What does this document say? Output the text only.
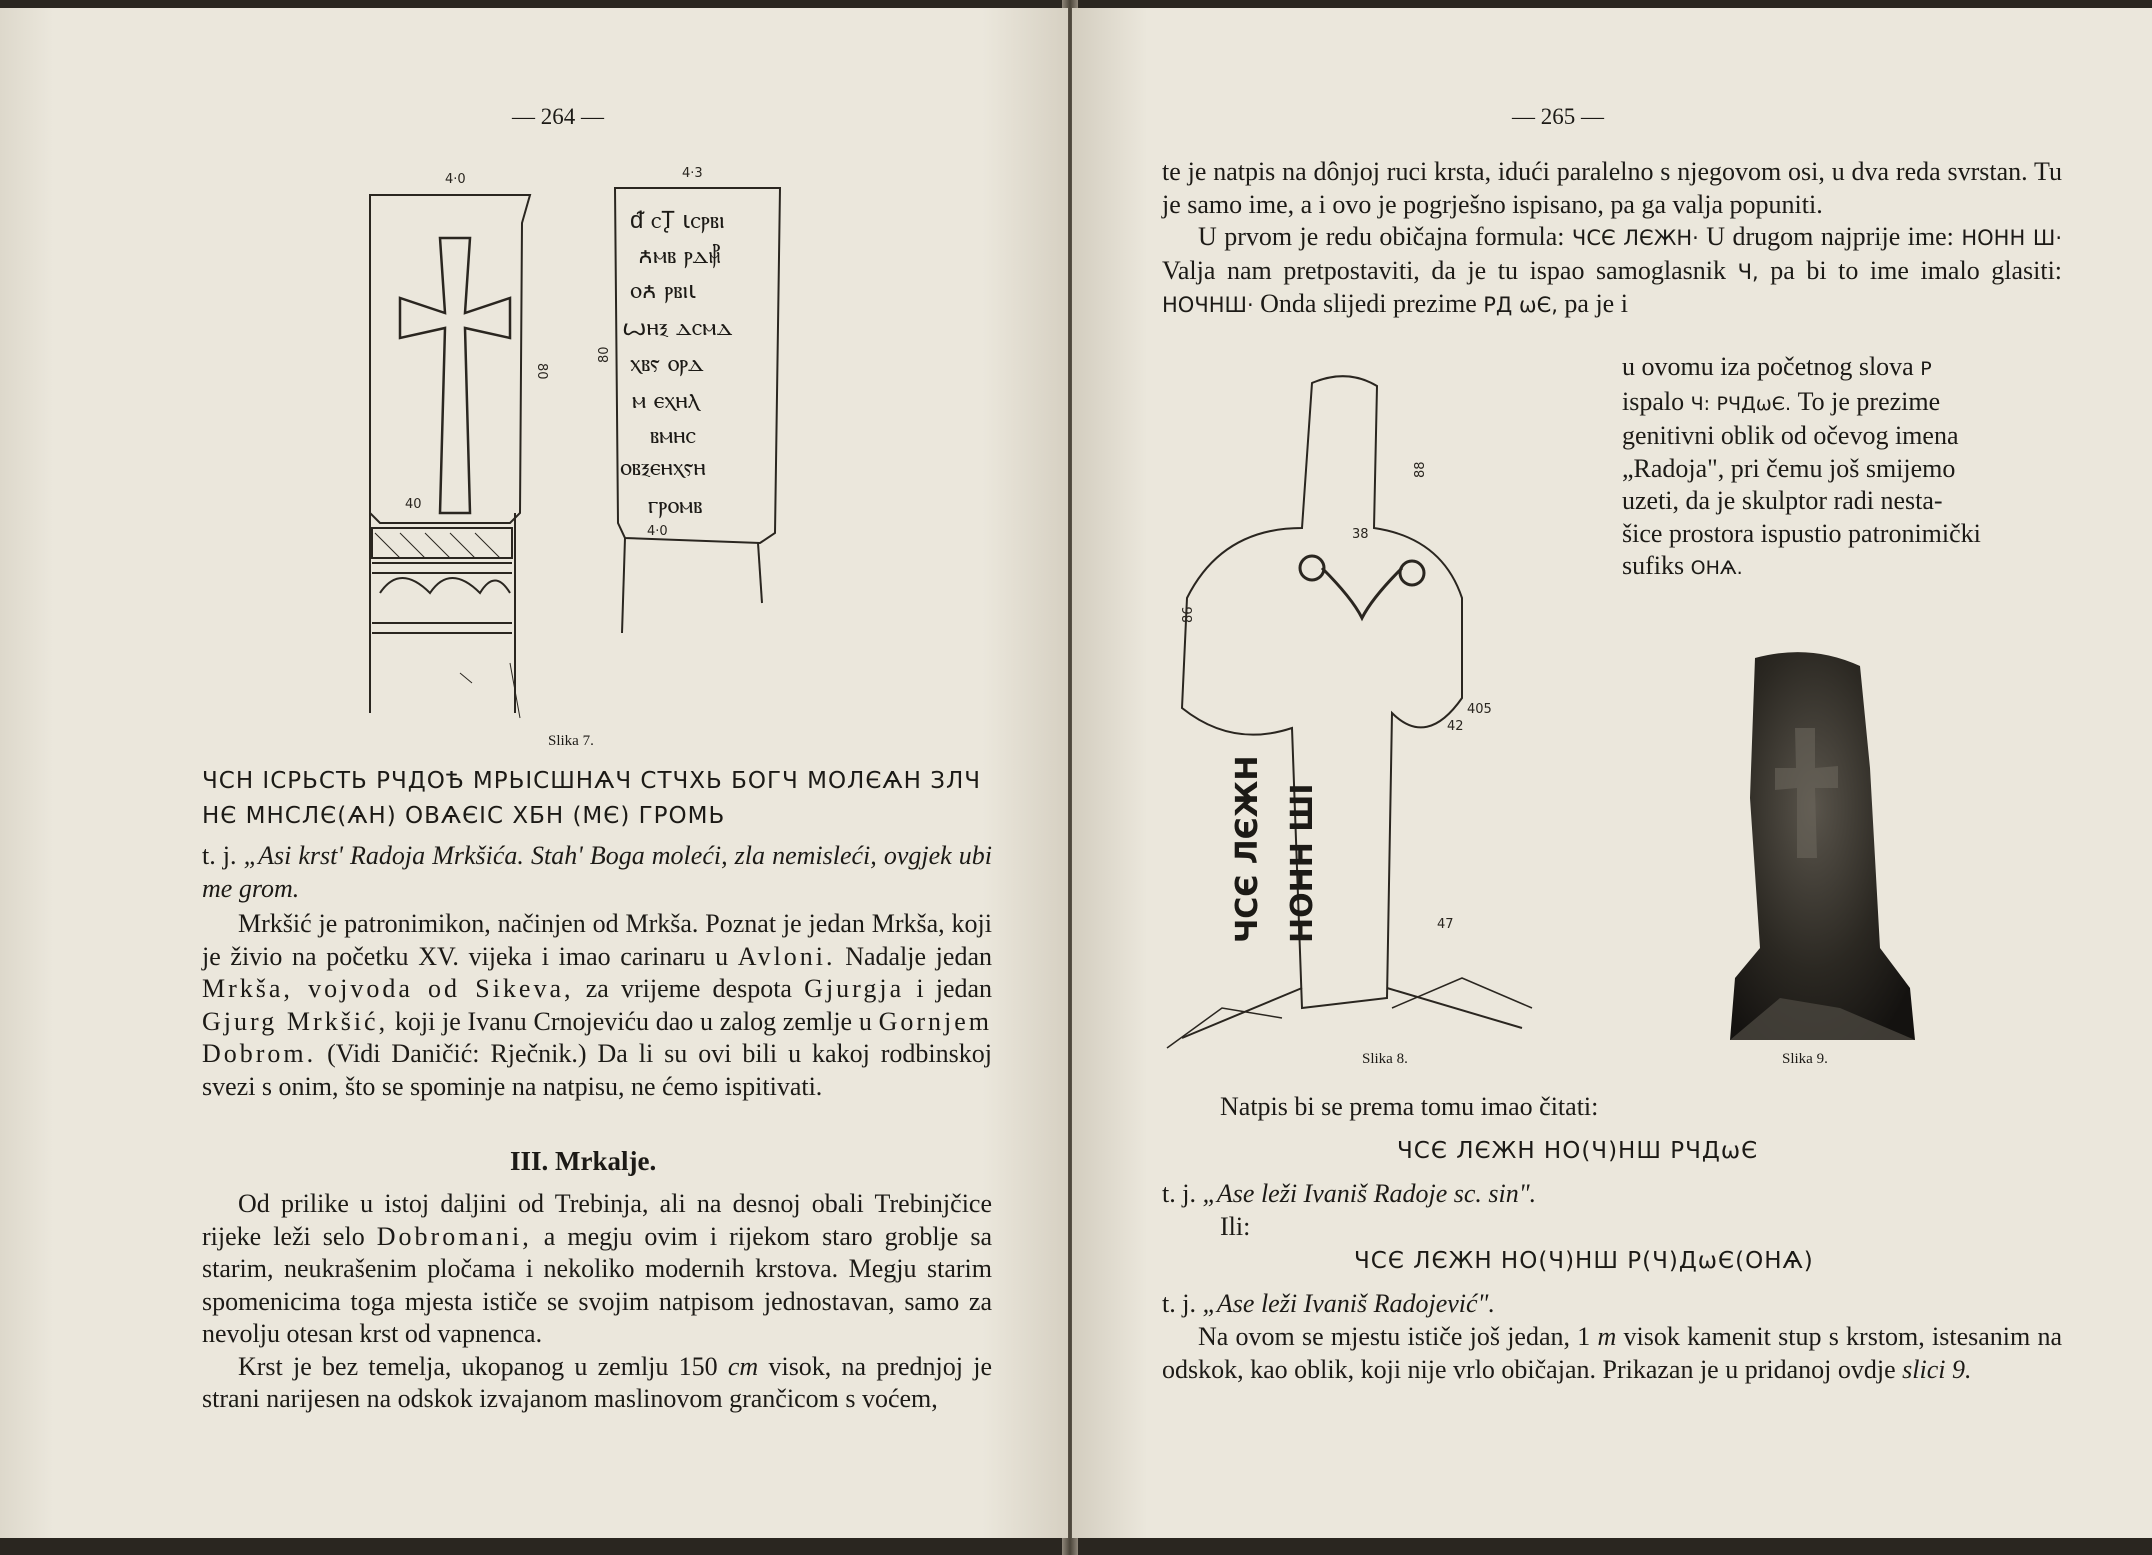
— 264 —
4·0	4·3
80
80
40
4·0
ᵭ ⲥꚐ ꙇⲥⲣⲃⲓ
ꙉⲙⲃ ⲣⲇ⳥
ⲟꙉ ⲣⲃⲓꙇ
ꙍⲏⲝ ⲇⲥⲙⲇ
ⲭⲃⲋ ⲟⲣⲇ
ⲙ ⲉⲭⲏⲗ
ⲃⲙⲏⲥ
ⲟⲃⲝⲉⲏⲭⲋⲏ
ⲅⲣⲟⲙⲃ
Slika 7.
ЧСН ІСРЬСТЬ РЧДОѢ МРЬІСШНѦЧ СТЧХЬ БОГЧ МОЛЄѦН ЗЛЧ
НЄ МНСЛЄ(ѦН) ОВѦЄІС ХБН (МЄ) ГРОМЬ
t. j. „Asi krst' Radoja Mrkšića. Stah' Boga moleći, zla nemisleći, ovgjek ubi me grom.

Mrkšić je patronimikon, načinjen od Mrkša. Poznat je jedan Mrkša, koji je živio na početku XV. vijeka i imao carinaru u Avloni. Nadalje jedan Mrkša, vojvoda od Sikeva, za vrijeme despota Gjurgja i jedan Gjurg Mrkšić, koji je Ivanu Crnojeviću dao u zalog zemlje u Gornjem Dobrom. (Vidi Daničić: Rječnik.) Da li su ovi bili u kakoj rodbinskoj svezi s onim, što se spominje na natpisu, ne ćemo ispitivati.

III. Mrkalje.

Od prilike u istoj daljini od Trebinja, ali na desnoj obali Trebinjčice rijeke leži selo Dobromani, a megju ovim i rijekom staro groblje sa starim, neukrašenim pločama i nekoliko modernih krstova. Megju starim spomenicima toga mjesta ističe se svojim natpisom jednostavan, samo za nevolju otesan krst od vapnenca.

Krst je bez temelja, ukopanog u zemlju 150 cm visok, na prednjoj je strani narijesen na odskok izvajanom maslinovom grančicom s voćem,

— 265 —

te je natpis na dônjoj ruci krsta, idući paralelno s njegovom osi, u dva reda svrstan. Tu je samo ime, a i ovo je pogrješno ispisano, pa ga valja popuniti.

U prvom je redu običajna formula: ЧСЄ ЛЄЖН· U drugom najprije ime: НОНН Ш· Valja nam pretpostaviti, da je tu ispao samoglasnik Ч, pa bi to ime imalo glasiti: НОЧНШ· Onda slijedi prezime РД ωЄ, pa je i

u ovomu iza početnog slova Р
ispalo Ч: РЧДωЄ. To je prezime
genitivni oblik od očevog imena
„Radoja", pri čemu još smijemo
uzeti, da je skulptor radi nesta-
šice prostora ispustio patronimički
sufiks ОНѦ.
ЧСЄ ЛЄЖН НОНН ШІ
88
38
86
405
42
47
Slika 8.	Slika 9.
Natpis bi se prema tomu imao čitati:
ЧСЄ ЛЄЖН НО(Ч)НШ РЧДωЄ
t. j. „Ase leži Ivaniš Radoje sc. sin".
Ili:
ЧСЄ ЛЄЖН НО(Ч)НШ Р(Ч)ДωЄ(ОНѦ)
t. j. „Ase leži Ivaniš Radojević".

Na ovom se mjestu ističe još jedan, 1 m visok kamenit stup s krstom, istesanim na odskok, kao oblik, koji nije vrlo običajan. Prikazan je u pridanoj ovdje slici 9.
